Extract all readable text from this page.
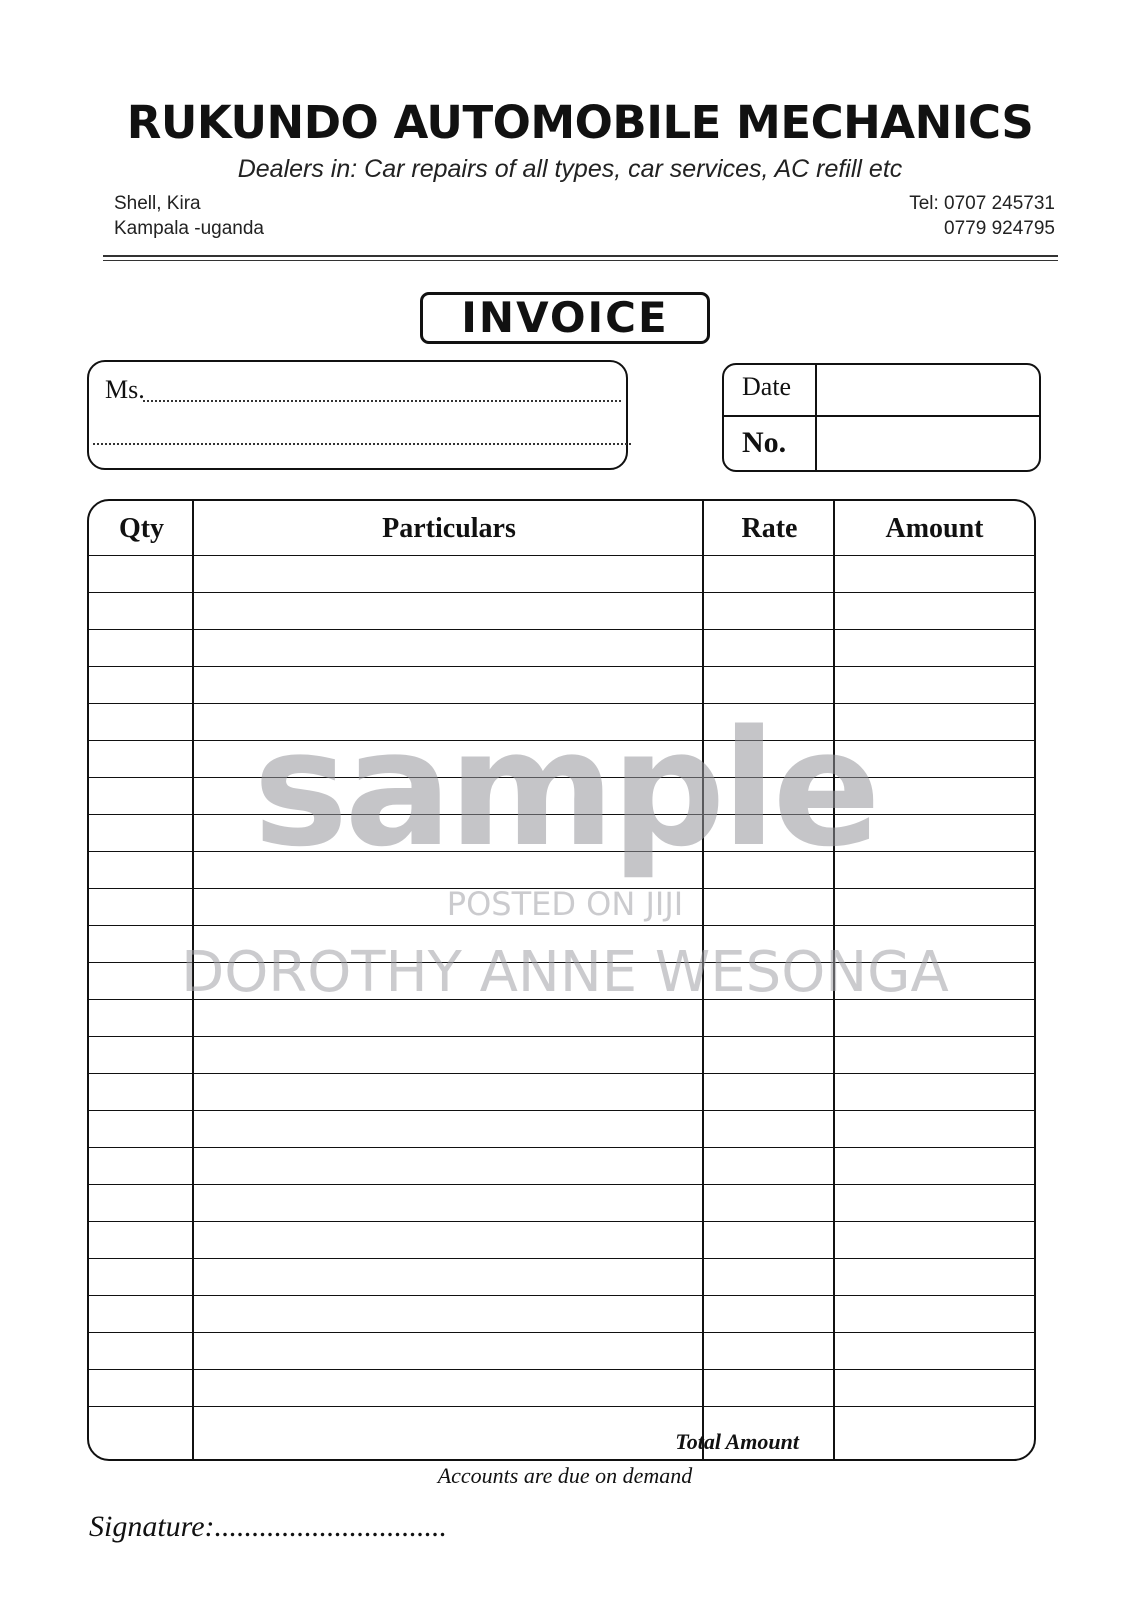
RUKUNDO AUTOMOBILE MECHANICS
Dealers in: Car repairs of all types, car services, AC refill etc
Shell, Kira
Kampala -uganda
Tel: 0707 245731
0779 924795
INVOICE
Ms.	Date
No.
Qty	Particulars	Rate	Amount
Total Amount
sample
POSTED ON JIJI
DOROTHY ANNE WESONGA
Accounts are due on demand
Signature:...............................
